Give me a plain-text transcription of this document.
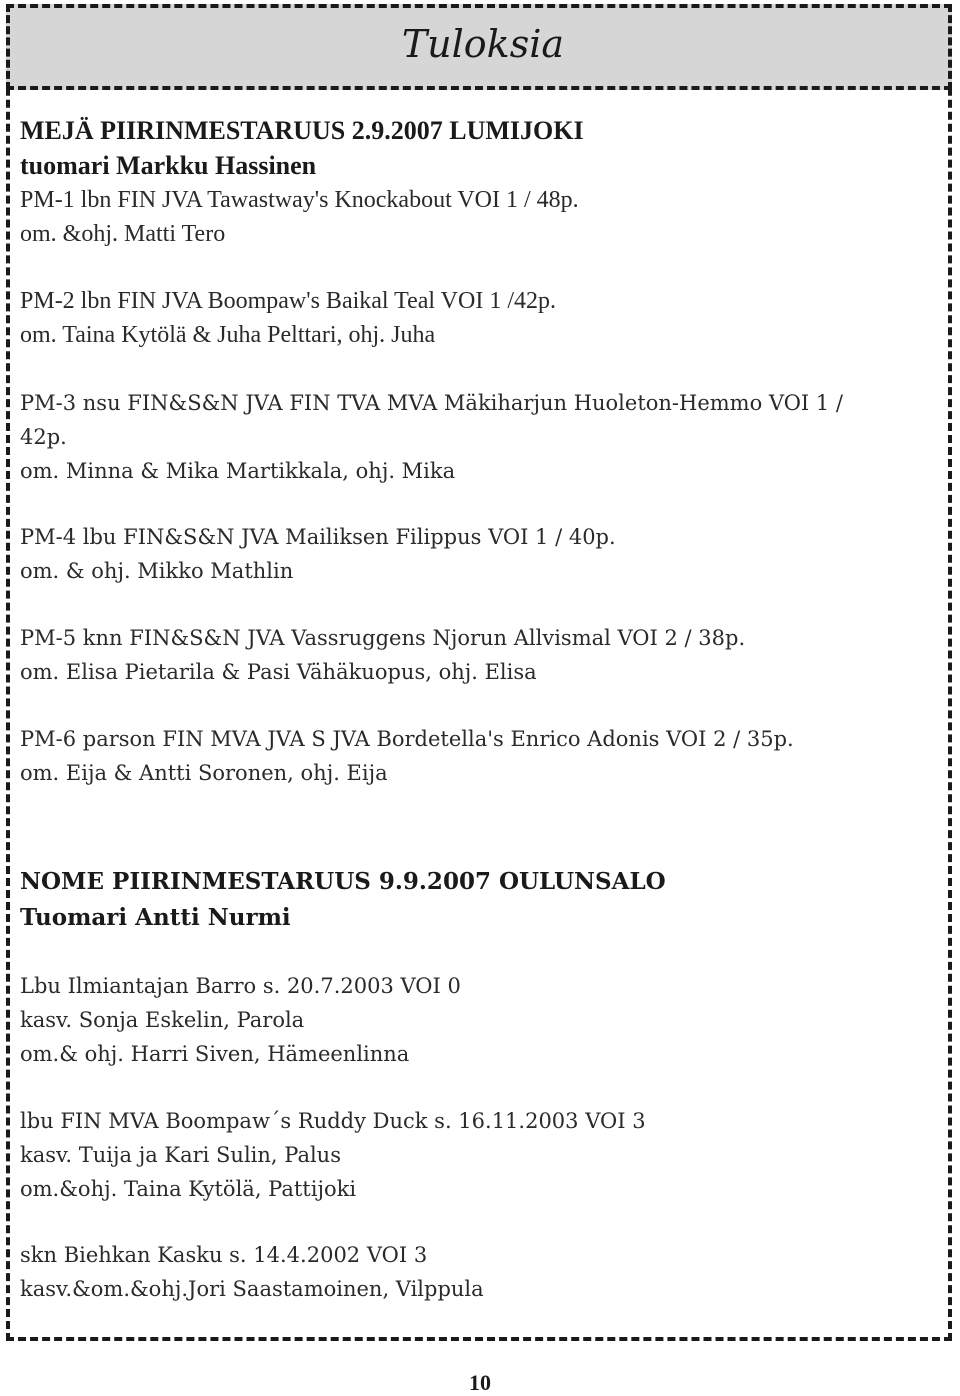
Tuloksia
MEJÄ PIIRINMESTARUUS 2.9.2007 LUMIJOKI
tuomari Markku Hassinen
PM-1 lbn FIN JVA Tawastway's Knockabout VOI 1 / 48p.
om. &ohj. Matti Tero
PM-2 lbn FIN JVA Boompaw's Baikal Teal VOI 1 /42p.
om. Taina Kytölä & Juha Pelttari, ohj. Juha
PM-3 nsu FIN&S&N JVA FIN TVA MVA Mäkiharjun Huoleton-Hemmo VOI 1 /
42p.
om. Minna & Mika Martikkala, ohj. Mika
PM-4 lbu FIN&S&N JVA Mailiksen Filippus VOI 1 / 40p.
om. & ohj. Mikko Mathlin
PM-5 knn FIN&S&N JVA Vassruggens Njorun Allvismal VOI 2 / 38p.
om. Elisa Pietarila & Pasi Vähäkuopus, ohj. Elisa
PM-6 parson FIN MVA JVA S JVA Bordetella's Enrico Adonis VOI 2 / 35p.
om. Eija & Antti Soronen, ohj. Eija
NOME PIIRINMESTARUUS 9.9.2007 OULUNSALO
Tuomari Antti Nurmi
Lbu Ilmiantajan Barro s. 20.7.2003 VOI 0
kasv. Sonja Eskelin, Parola
om.& ohj. Harri Siven, Hämeenlinna
lbu FIN MVA Boompaw´s Ruddy Duck s. 16.11.2003 VOI 3
kasv. Tuija ja Kari Sulin, Palus
om.&ohj. Taina Kytölä, Pattijoki
skn Biehkan Kasku s. 14.4.2002 VOI 3
kasv.&om.&ohj.Jori Saastamoinen, Vilppula
10
